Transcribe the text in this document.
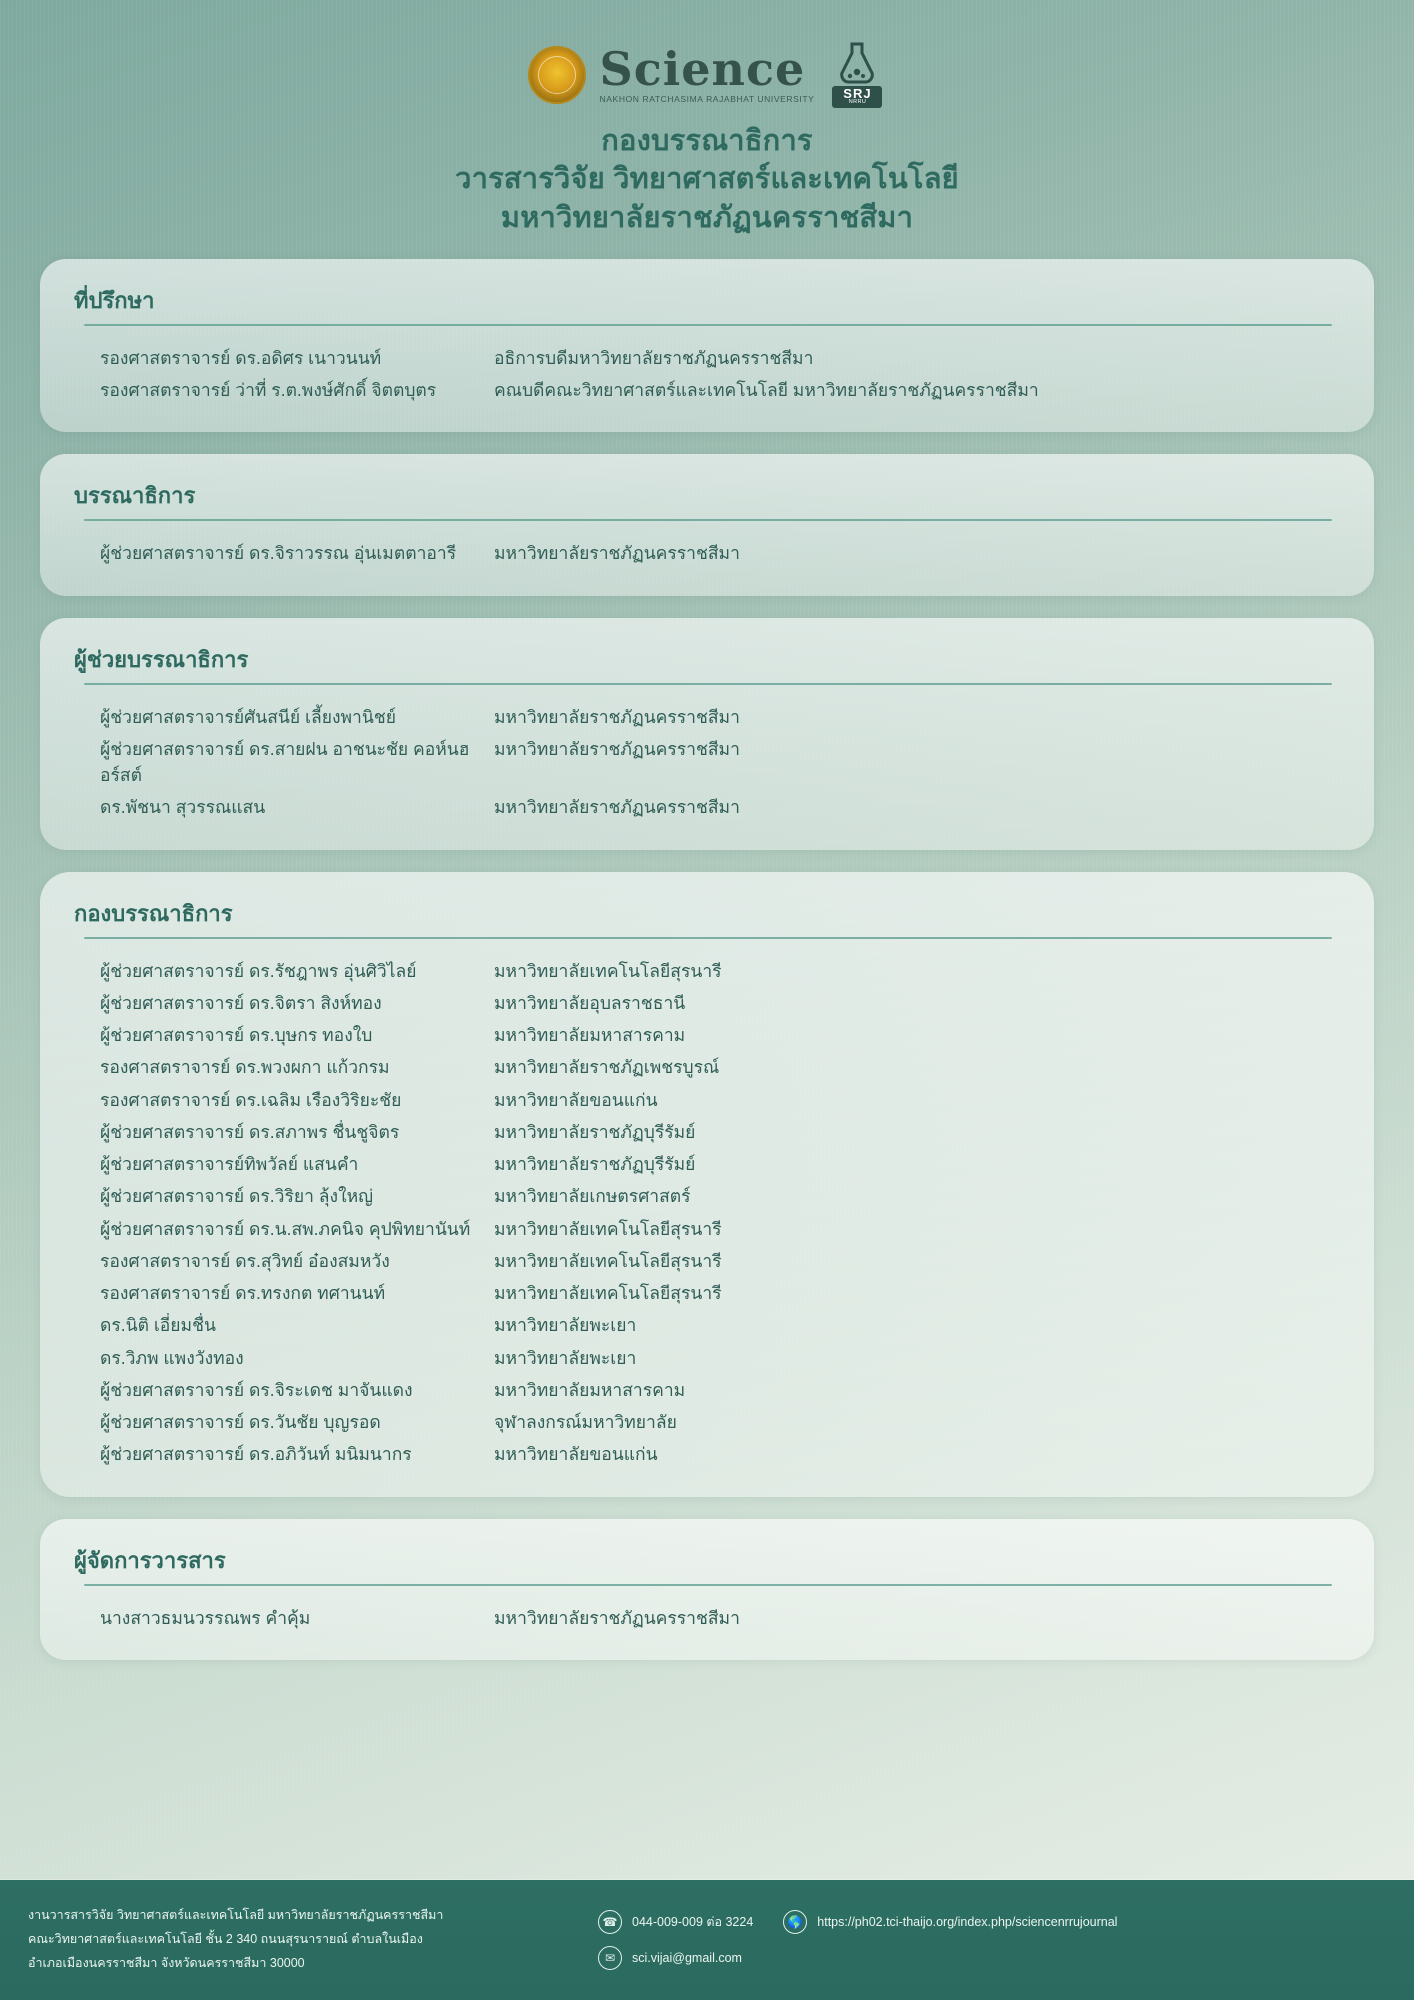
Science
NAKHON RATCHASIMA RAJABHAT UNIVERSITY	SRJ
NRRU
กองบรรณาธิการ
วารสารวิจัย วิทยาศาสตร์และเทคโนโลยี
มหาวิทยาลัยราชภัฏนครราชสีมา
ที่ปรึกษา
รองศาสตราจารย์ ดร.อดิศร เนาวนนท์	อธิการบดีมหาวิทยาลัยราชภัฏนครราชสีมา
รองศาสตราจารย์ ว่าที่ ร.ต.พงษ์ศักดิ์ จิตตบุตร	คณบดีคณะวิทยาศาสตร์และเทคโนโลยี มหาวิทยาลัยราชภัฏนครราชสีมา
บรรณาธิการ
ผู้ช่วยศาสตราจารย์ ดร.จิราวรรณ อุ่นเมตตาอารี	มหาวิทยาลัยราชภัฏนครราชสีมา
ผู้ช่วยบรรณาธิการ
ผู้ช่วยศาสตราจารย์ศันสนีย์ เลี้ยงพานิชย์	มหาวิทยาลัยราชภัฏนครราชสีมา
ผู้ช่วยศาสตราจารย์ ดร.สายฝน อาชนะชัย คอห์นฮอร์สต์	มหาวิทยาลัยราชภัฏนครราชสีมา
ดร.พัชนา สุวรรณแสน	มหาวิทยาลัยราชภัฏนครราชสีมา
กองบรรณาธิการ
ผู้ช่วยศาสตราจารย์ ดร.รัชฎาพร อุ่นศิวิไลย์	มหาวิทยาลัยเทคโนโลยีสุรนารี
ผู้ช่วยศาสตราจารย์ ดร.จิตรา สิงห์ทอง	มหาวิทยาลัยอุบลราชธานี
ผู้ช่วยศาสตราจารย์ ดร.บุษกร ทองใบ	มหาวิทยาลัยมหาสารคาม
รองศาสตราจารย์ ดร.พวงผกา แก้วกรม	มหาวิทยาลัยราชภัฏเพชรบูรณ์
รองศาสตราจารย์ ดร.เฉลิม เรืองวิริยะชัย	มหาวิทยาลัยขอนแก่น
ผู้ช่วยศาสตราจารย์ ดร.สภาพร ชื่นชูจิตร	มหาวิทยาลัยราชภัฏบุรีรัมย์
ผู้ช่วยศาสตราจารย์ทิพวัลย์ แสนคำ	มหาวิทยาลัยราชภัฏบุรีรัมย์
ผู้ช่วยศาสตราจารย์ ดร.วิริยา ลุ้งใหญ่	มหาวิทยาลัยเกษตรศาสตร์
ผู้ช่วยศาสตราจารย์ ดร.น.สพ.ภคนิจ คุปพิทยานันท์	มหาวิทยาลัยเทคโนโลยีสุรนารี
รองศาสตราจารย์ ดร.สุวิทย์ อ๋องสมหวัง	มหาวิทยาลัยเทคโนโลยีสุรนารี
รองศาสตราจารย์ ดร.ทรงกต ทศานนท์	มหาวิทยาลัยเทคโนโลยีสุรนารี
ดร.นิติ เอี่ยมชื่น	มหาวิทยาลัยพะเยา
ดร.วิภพ แพงวังทอง	มหาวิทยาลัยพะเยา
ผู้ช่วยศาสตราจารย์ ดร.จิระเดช มาจันแดง	มหาวิทยาลัยมหาสารคาม
ผู้ช่วยศาสตราจารย์ ดร.วันชัย บุญรอด	จุฬาลงกรณ์มหาวิทยาลัย
ผู้ช่วยศาสตราจารย์ ดร.อภิวันท์ มนิมนากร	มหาวิทยาลัยขอนแก่น
ผู้จัดการวารสาร
นางสาวธมนวรรณพร คำคุ้ม	มหาวิทยาลัยราชภัฏนครราชสีมา
งานวารสารวิจัย วิทยาศาสตร์และเทคโนโลยี มหาวิทยาลัยราชภัฏนครราชสีมา
คณะวิทยาศาสตร์และเทคโนโลยี ชั้น 2 340 ถนนสุรนารายณ์ ตำบลในเมือง
อำเภอเมืองนครราชสีมา จังหวัดนครราชสีมา 30000
☎	044-009-009 ต่อ 3224	🌎	https://ph02.tci-thaijo.org/index.php/sciencenrrujournal
✉	sci.vijai@gmail.com
